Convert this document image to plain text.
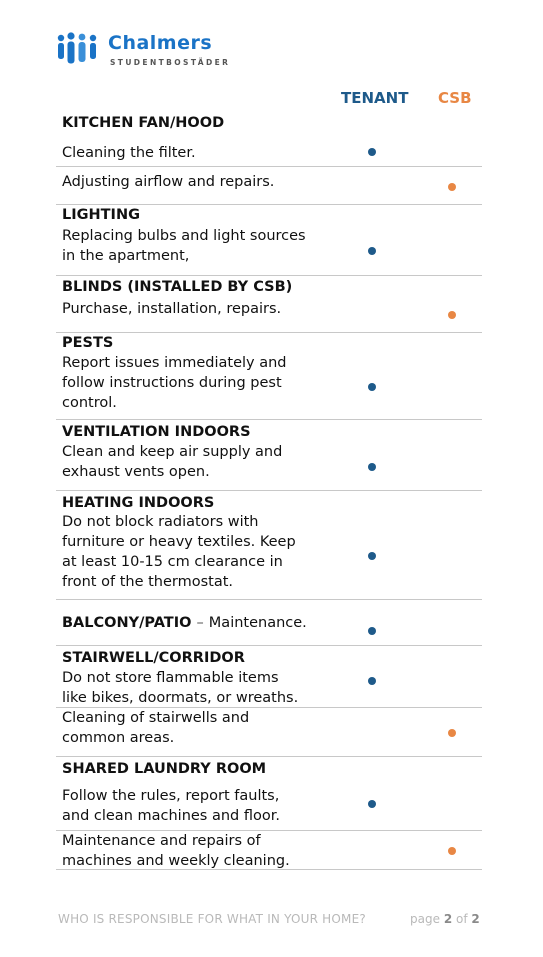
Chalmers
STUDENTBOSTÄDER
TENANT CSB
KITCHEN FAN/HOOD
Cleaning the filter.
Adjusting airflow and repairs.
LIGHTING
Replacing bulbs and light sources
in the apartment,
BLINDS (INSTALLED BY CSB)
Purchase, installation, repairs.
PESTS
Report issues immediately and
follow instructions during pest
control.
VENTILATION INDOORS
Clean and keep air supply and
exhaust vents open.
HEATING INDOORS
Do not block radiators with
furniture or heavy textiles. Keep
at least 10-15 cm clearance in
front of the thermostat.
BALCONY/PATIO – Maintenance.
STAIRWELL/CORRIDOR
Do not store flammable items
like bikes, doormats, or wreaths.
Cleaning of stairwells and
common areas.
SHARED LAUNDRY ROOM
Follow the rules, report faults,
and clean machines and floor.
Maintenance and repairs of
machines and weekly cleaning.
WHO IS RESPONSIBLE FOR WHAT IN YOUR HOME?	page 2 of 2
